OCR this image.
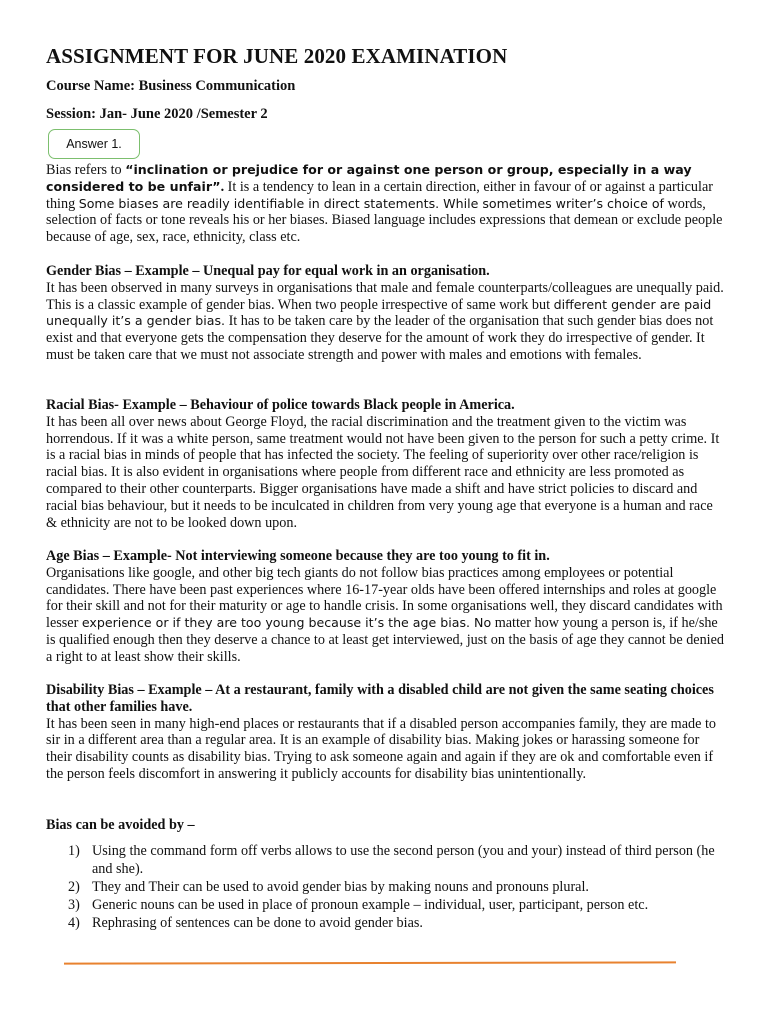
ASSIGNMENT FOR JUNE 2020 EXAMINATION
Course Name: Business Communication
Session: Jan- June 2020 /Semester 2
Answer 1.

Bias refers to “inclination or prejudice for or against one person or group, especially in a way considered to be unfair”. It is a tendency to lean in a certain direction, either in favour of or against a particular thing Some biases are readily identifiable in direct statements. While sometimes writer’s choice of words, selection of facts or tone reveals his or her biases. Biased language includes expressions that demean or exclude people because of age, sex, race, ethnicity, class etc.

Gender Bias – Example – Unequal pay for equal work in an organisation.

It has been observed in many surveys in organisations that male and female counterparts/colleagues are unequally paid. This is a classic example of gender bias. When two people irrespective of same work but different gender are paid unequally it’s a gender bias. It has to be taken care by the leader of the organisation that such gender bias does not exist and that everyone gets the compensation they deserve for the amount of work they do irrespective of gender. It must be taken care that we must not associate strength and power with males and emotions with females.

Racial Bias- Example – Behaviour of police towards Black people in America.

It has been all over news about George Floyd, the racial discrimination and the treatment given to the victim was horrendous. If it was a white person, same treatment would not have been given to the person for such a petty crime. It is a racial bias in minds of people that has infected the society. The feeling of superiority over other race/religion is racial bias. It is also evident in organisations where people from different race and ethnicity are less promoted as compared to their other counterparts. Bigger organisations have made a shift and have strict policies to discard and racial bias behaviour, but it needs to be inculcated in children from very young age that everyone is a human and race & ethnicity are not to be looked down upon.

Age Bias – Example- Not interviewing someone because they are too young to fit in.

Organisations like google, and other big tech giants do not follow bias practices among employees or potential candidates. There have been past experiences where 16-17-year olds have been offered internships and roles at google for their skill and not for their maturity or age to handle crisis. In some organisations well, they discard candidates with lesser experience or if they are too young because it’s the age bias. No matter how young a person is, if he/she is qualified enough then they deserve a chance to at least get interviewed, just on the basis of age they cannot be denied a right to at least show their skills.

Disability Bias – Example – At a restaurant, family with a disabled child are not given the same seating choices that other families have.

It has been seen in many high-end places or restaurants that if a disabled person accompanies family, they are made to sir in a different area than a regular area. It is an example of disability bias. Making jokes or harassing someone for their disability counts as disability bias. Trying to ask someone again and again if they are ok and comfortable even if the person feels discomfort in answering it publicly accounts for disability bias unintentionally.

Bias can be avoided by –

1) Using the command form off verbs allows to use the second person (you and your) instead of third person (he and she).
2) They and Their can be used to avoid gender bias by making nouns and pronouns plural.
3) Generic nouns can be used in place of pronoun example – individual, user, participant, person etc.
4) Rephrasing of sentences can be done to avoid gender bias.
